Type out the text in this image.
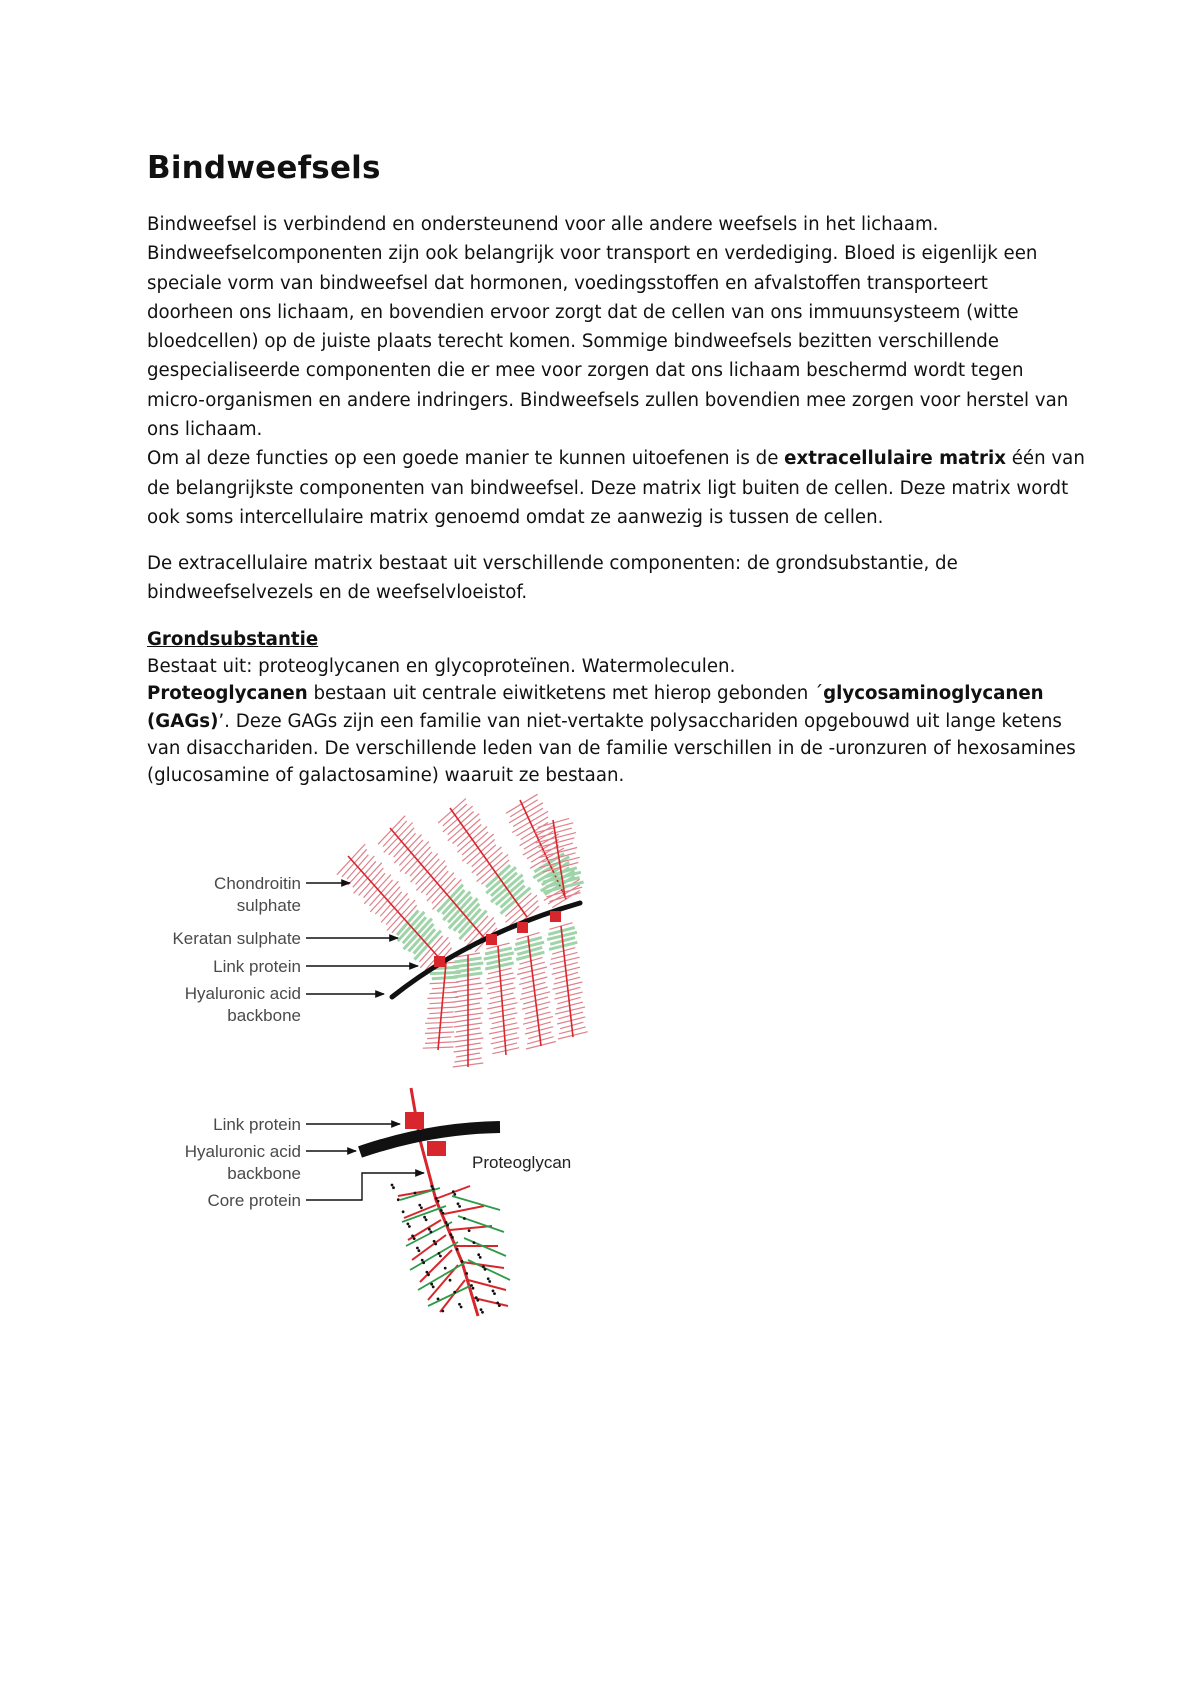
Bindweefsels

Bindweefsel is verbindend en ondersteunend voor alle andere weefsels in het lichaam.
Bindweefselcomponenten zijn ook belangrijk voor transport en verdediging. Bloed is eigenlijk een
speciale vorm van bindweefsel dat hormonen, voedingsstoffen en afvalstoffen transporteert
doorheen ons lichaam, en bovendien ervoor zorgt dat de cellen van ons immuunsysteem (witte
bloedcellen) op de juiste plaats terecht komen. Sommige bindweefsels bezitten verschillende
gespecialiseerde componenten die er mee voor zorgen dat ons lichaam beschermd wordt tegen
micro-organismen en andere indringers. Bindweefsels zullen bovendien mee zorgen voor herstel van
ons lichaam.
Om al deze functies op een goede manier te kunnen uitoefenen is de extracellulaire matrix één van
de belangrijkste componenten van bindweefsel. Deze matrix ligt buiten de cellen. Deze matrix wordt
ook soms intercellulaire matrix genoemd omdat ze aanwezig is tussen de cellen.

De extracellulaire matrix bestaat uit verschillende componenten: de grondsubstantie, de
bindweefselvezels en de weefselvloeistof.

Grondsubstantie
Bestaat uit: proteoglycanen en glycoproteïnen. Watermoleculen.
Proteoglycanen bestaan uit centrale eiwitketens met hierop gebonden ´glycosaminoglycanen
(GAGs)’. Deze GAGs zijn een familie van niet-vertakte polysacchariden opgebouwd uit lange ketens
van disacchariden. De verschillende leden van de familie verschillen in de -uronzuren of hexosamines
(glucosamine of galactosamine) waaruit ze bestaan.
Chondroitin
sulphate
Keratan sulphate
Link protein
Hyaluronic acid
backbone
Link protein
Hyaluronic acid
backbone
Core protein
Proteoglycan
